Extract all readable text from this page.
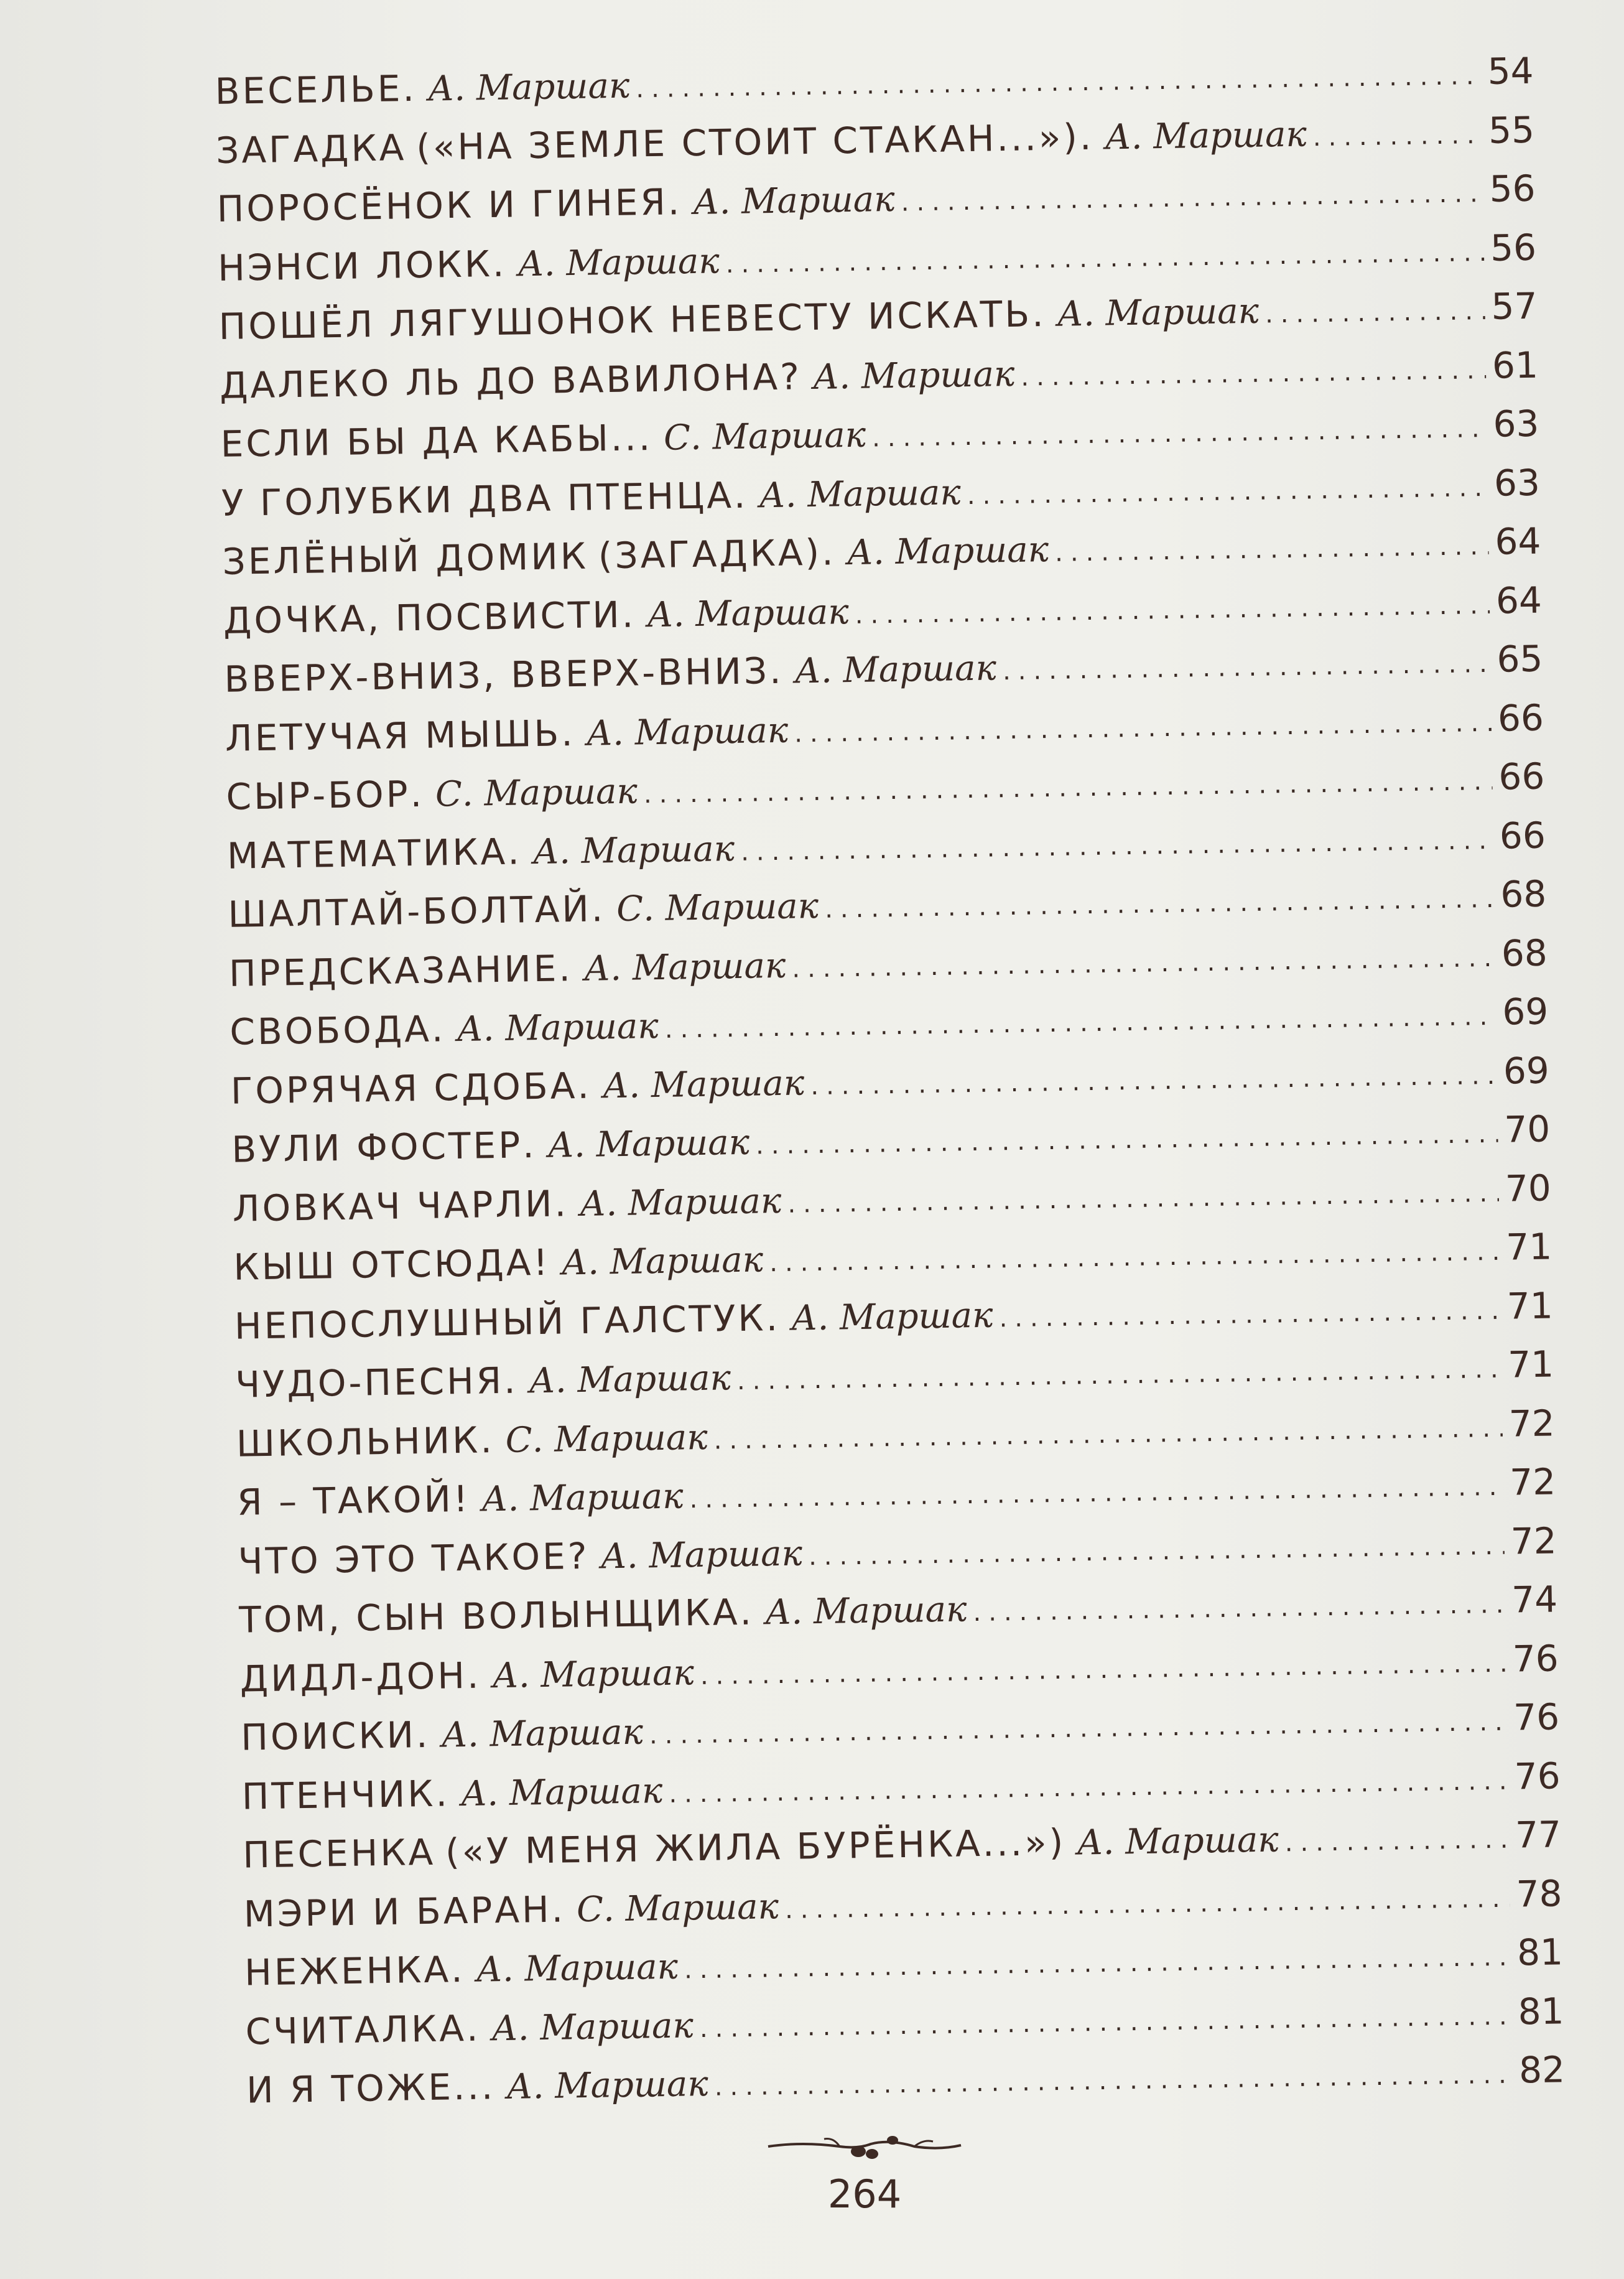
ВЕСЕЛЬЕ. А. Маршак .....	54
ЗАГАДКА («НА ЗЕМЛЕ СТОИТ СТАКАН...»). А. Маршак .....	55
ПОРОСЁНОК И ГИНЕЯ. А. Маршак .....	56
НЭНСИ ЛОКК. А. Маршак .....	56
ПОШЁЛ ЛЯГУШОНОК НЕВЕСТУ ИСКАТЬ. А. Маршак .....	57
ДАЛЕКО ЛЬ ДО ВАВИЛОНА? А. Маршак .....	61
ЕСЛИ БЫ ДА КАБЫ... С. Маршак .....	63
У ГОЛУБКИ ДВА ПТЕНЦА. А. Маршак .....	63
ЗЕЛЁНЫЙ ДОМИК (ЗАГАДКА). А. Маршак .....	64
ДОЧКА, ПОСВИСТИ. А. Маршак .....	64
ВВЕРХ-ВНИЗ, ВВЕРХ-ВНИЗ. А. Маршак .....	65
ЛЕТУЧАЯ МЫШЬ. А. Маршак .....	66
СЫР-БОР. С. Маршак .....	66
МАТЕМАТИКА. А. Маршак .....	66
ШАЛТАЙ-БОЛТАЙ. С. Маршак .....	68
ПРЕДСКАЗАНИЕ. А. Маршак .....	68
СВОБОДА. А. Маршак .....	69
ГОРЯЧАЯ СДОБА. А. Маршак .....	69
ВУЛИ ФОСТЕР. А. Маршак .....	70
ЛОВКАЧ ЧАРЛИ. А. Маршак .....	70
КЫШ ОТСЮДА! А. Маршак .....	71
НЕПОСЛУШНЫЙ ГАЛСТУК. А. Маршак .....	71
ЧУДО-ПЕСНЯ. А. Маршак .....	71
ШКОЛЬНИК. С. Маршак .....	72
Я – ТАКОЙ! А. Маршак .....	72
ЧТО ЭТО ТАКОЕ? А. Маршак .....	72
ТОМ, СЫН ВОЛЫНЩИКА. А. Маршак .....	74
ДИДЛ-ДОН. А. Маршак .....	76
ПОИСКИ. А. Маршак .....	76
ПТЕНЧИК. А. Маршак .....	76
ПЕСЕНКА («У МЕНЯ ЖИЛА БУРЁНКА...») А. Маршак .....	77
МЭРИ И БАРАН. С. Маршак .....	78
НЕЖЕНКА. А. Маршак .....	81
СЧИТАЛКА. А. Маршак .....	81
И Я ТОЖЕ... А. Маршак .....	82
264
